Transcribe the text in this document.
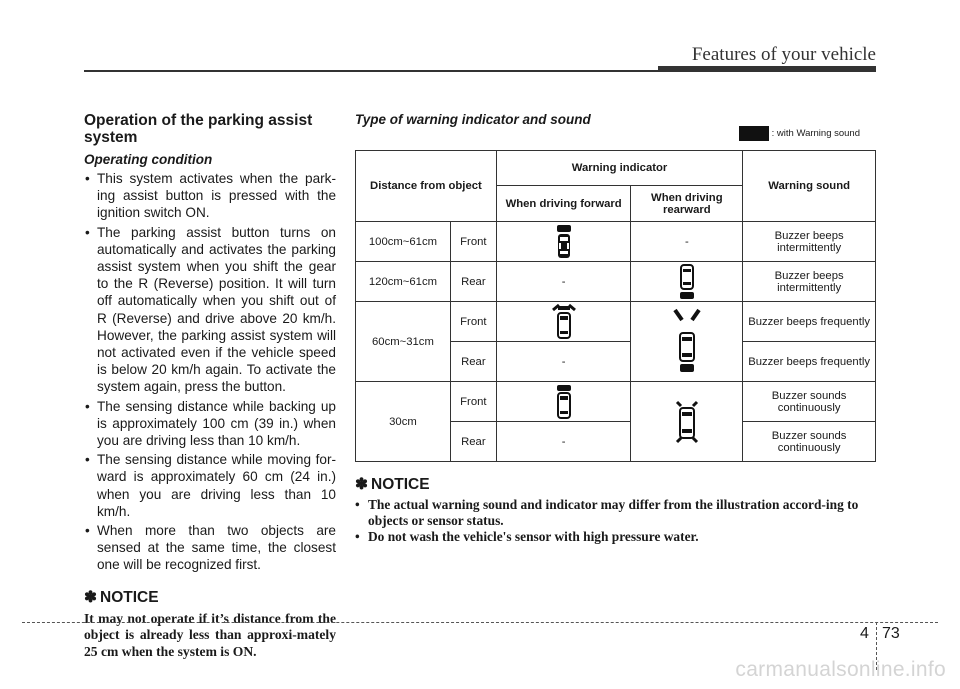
Features of your vehicle
Operation of the parking assist system
Operating condition
• This system activates when the park-ing assist button is pressed with the ignition switch ON.
• The parking assist button turns on automatically and activates the parking assist system when you shift the gear to the R (Reverse) position. It will turn off automatically when you shift out of R (Reverse) and drive above 20 km/h. However, the parking assist system will not activated even if the vehicle speed is below 20 km/h again. To activate the system again, press the button.
• The sensing distance while backing up is approximately 100 cm (39 in.) when you are driving less than 10 km/h.
• The sensing distance while moving for-ward is approximately 60 cm (24 in.) when you are driving less than 10 km/h.
• When more than two objects are sensed at the same time, the closest one will be recognized first.
✽ NOTICE

It may not operate if it’s distance from the object is already less than approxi-mately 25 cm when the system is ON.

Type of warning indicator and sound
: with Warning sound
Distance from object		Warning indicator		Warning sound
		When driving forward	When driving rearward	
100cm~61cm	Front		-	Buzzer beeps intermittently
120cm~61cm	Rear	-		Buzzer beeps intermittently
60cm~31cm	Front			Buzzer beeps frequently
	Rear	-		Buzzer beeps frequently
30cm	Front			Buzzer sounds continuously
	Rear	-		Buzzer sounds continuously
✽ NOTICE
• The actual warning sound and indicator may differ from the illustration accord-ing to objects or sensor status.
• Do not wash the vehicle's sensor with high pressure water.
4 73
carmanualsonline.info
